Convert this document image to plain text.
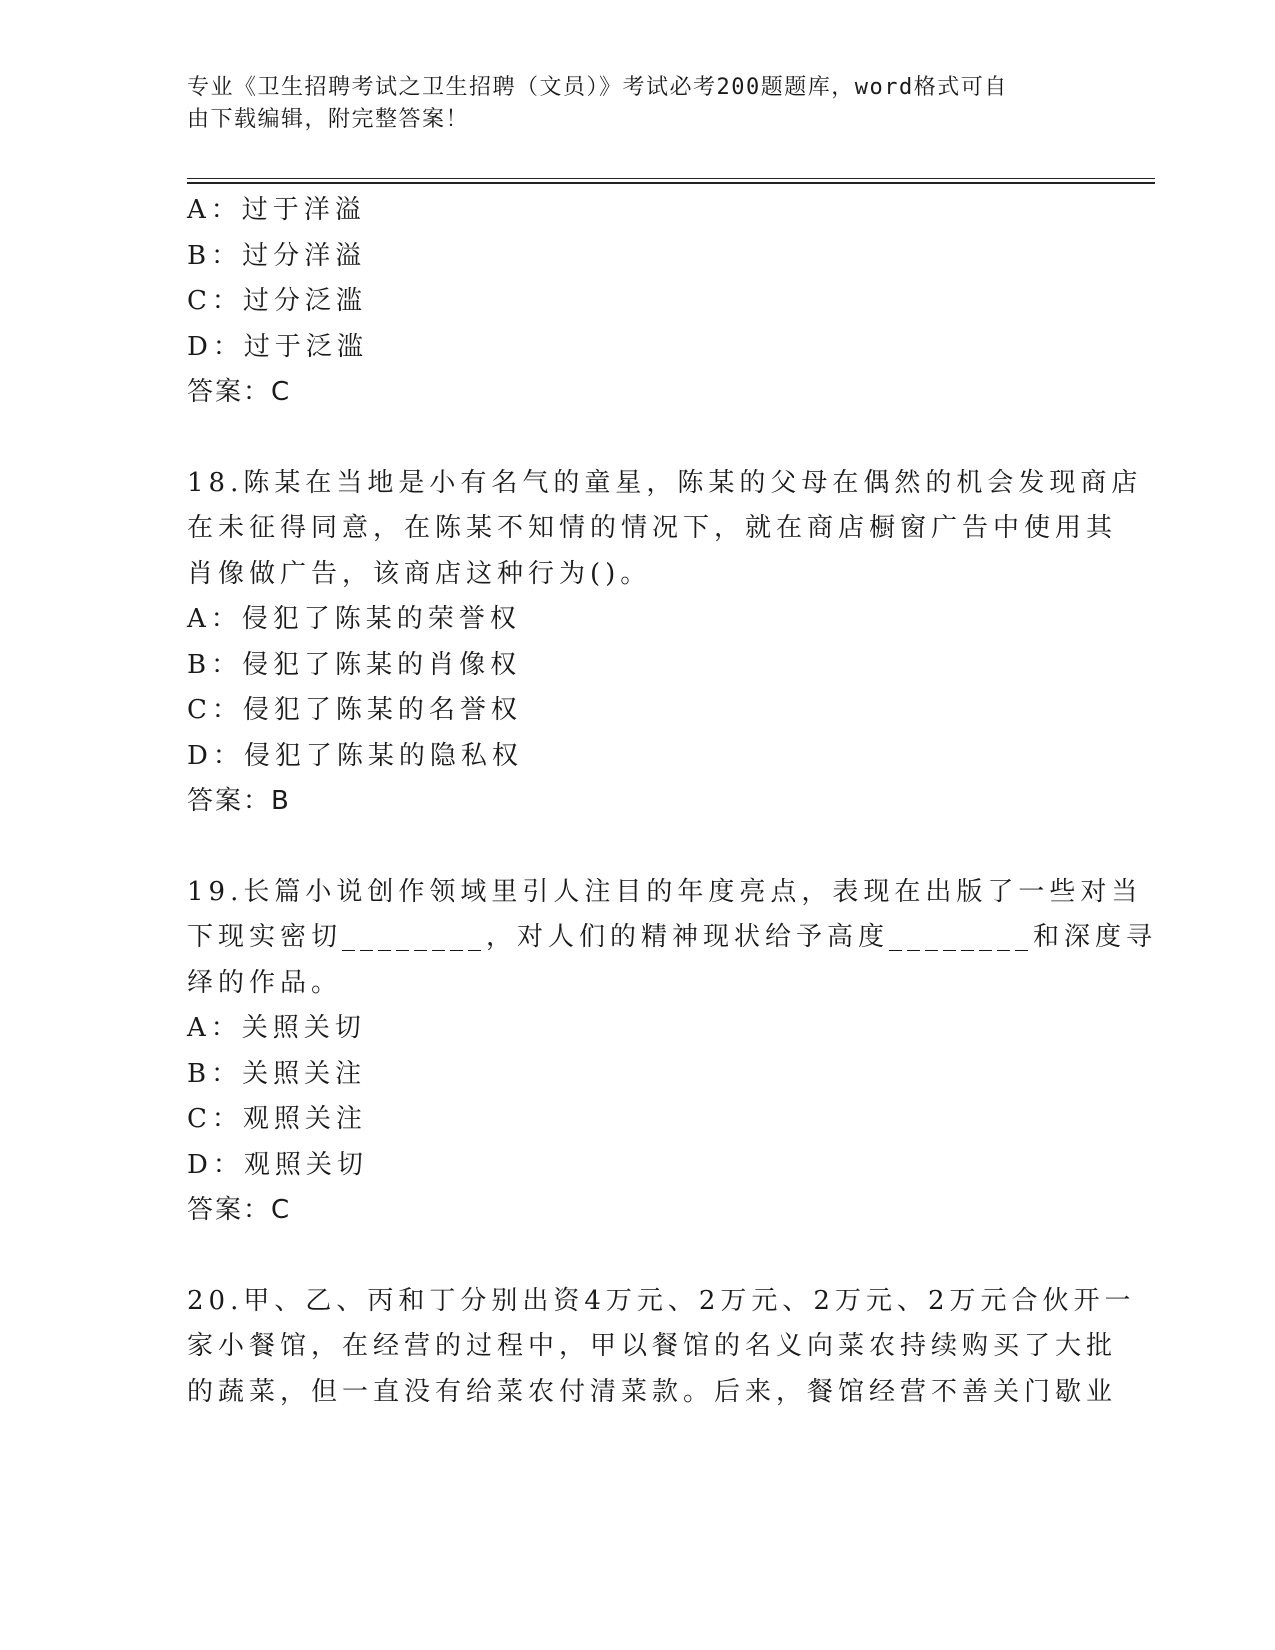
专业《卫生招聘考试之卫生招聘（文员）》考试必考200题题库，word格式可自
由下载编辑，附完整答案！
A：过于洋溢
B：过分洋溢
C：过分泛滥
D：过于泛滥
答案：C
18.陈某在当地是小有名气的童星，陈某的父母在偶然的机会发现商店
在未征得同意，在陈某不知情的情况下，就在商店橱窗广告中使用其
肖像做广告，该商店这种行为()。
A：侵犯了陈某的荣誉权
B：侵犯了陈某的肖像权
C：侵犯了陈某的名誉权
D：侵犯了陈某的隐私权
答案：B
19.长篇小说创作领域里引人注目的年度亮点，表现在出版了一些对当
下现实密切________，对人们的精神现状给予高度________和深度寻
绎的作品。
A：关照关切
B：关照关注
C：观照关注
D：观照关切
答案：C
20.甲、乙、丙和丁分别出资4万元、2万元、2万元、2万元合伙开一
家小餐馆，在经营的过程中，甲以餐馆的名义向菜农持续购买了大批
的蔬菜，但一直没有给菜农付清菜款。后来，餐馆经营不善关门歇业
